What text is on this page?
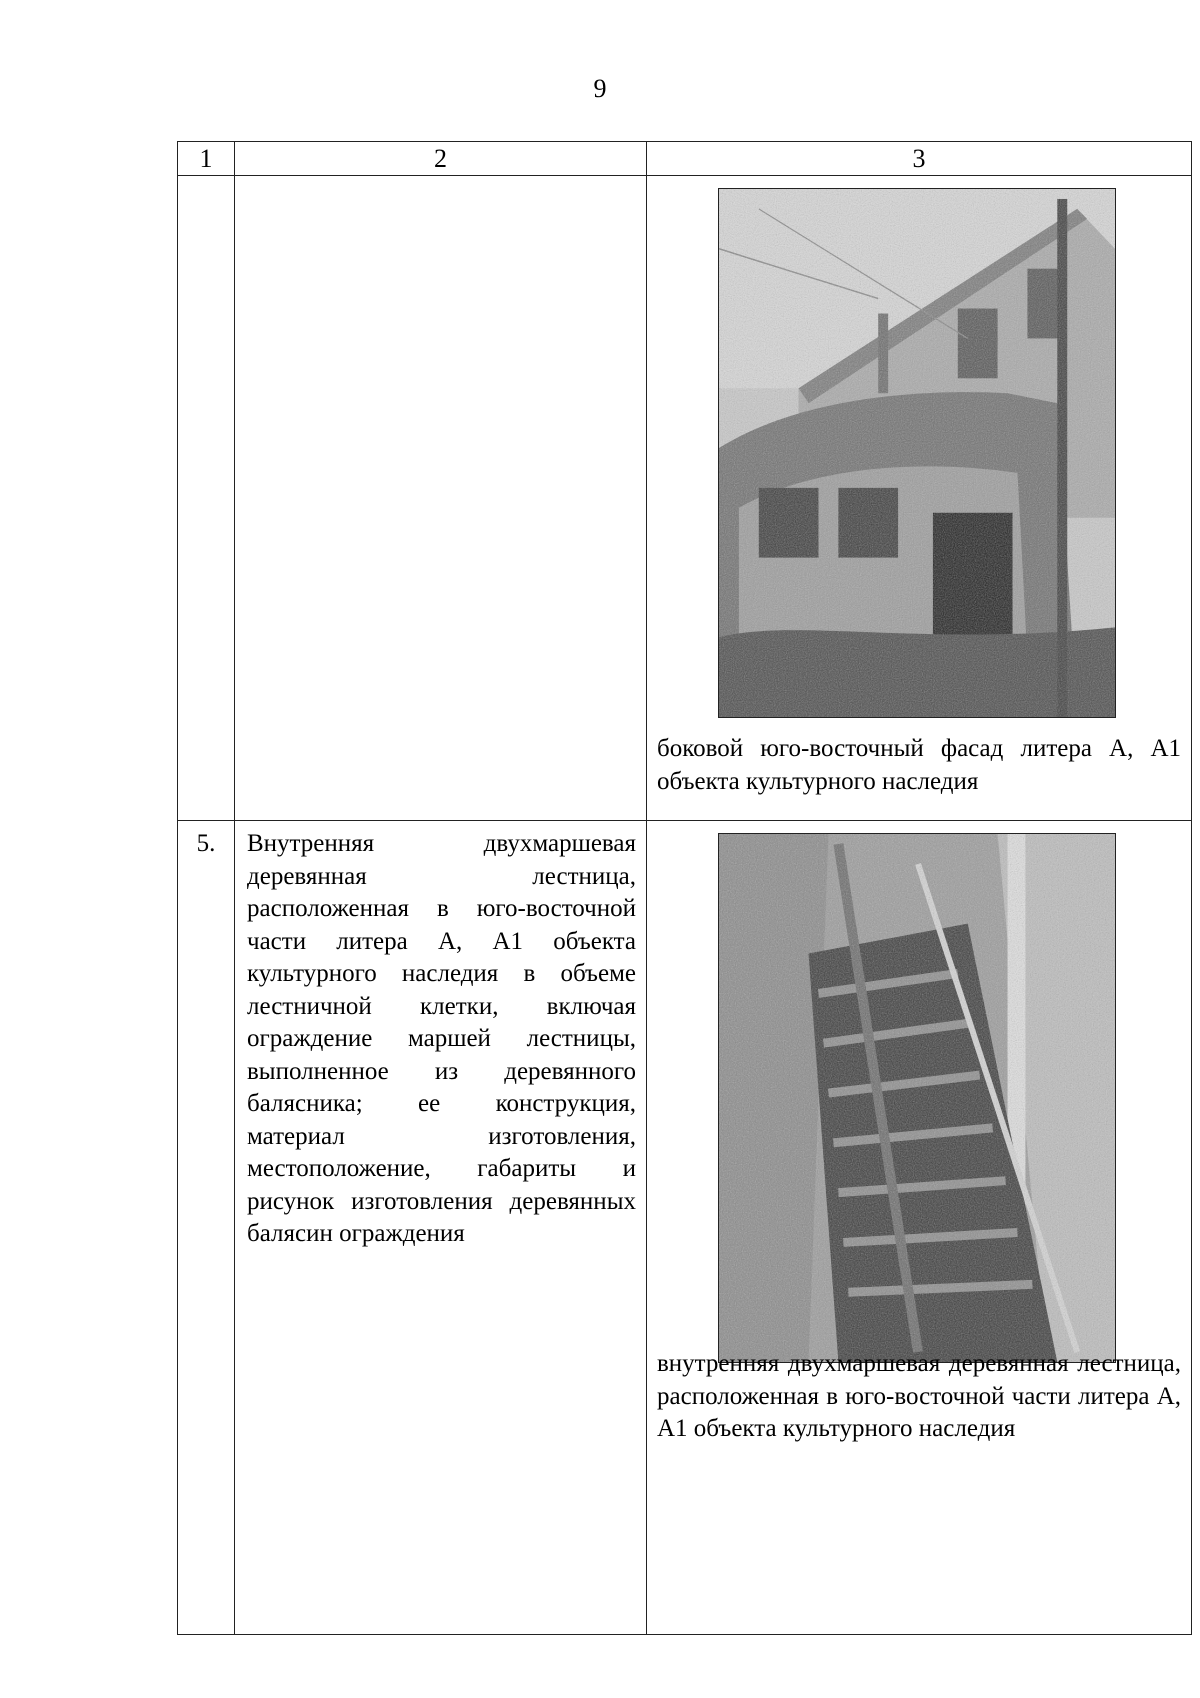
9
1	2	3

		боковой юго-восточный фасад литера А, А1 объекта культурного наследия

5.	Внутренняя двухмаршевая деревянная лестница, расположенная в юго-восточной части литера А, А1 объекта культурного наследия в объеме лестничной клетки, включая ограждение маршей лестницы, выполненное из деревянного балясника; ее конструкция, материал изготовления, местоположение, габариты и рисунок изготовления деревянных балясин ограждения	внутренняя двухмаршевая деревянная лестница, расположенная в юго-восточной части литера А, А1 объекта культурного наследия
